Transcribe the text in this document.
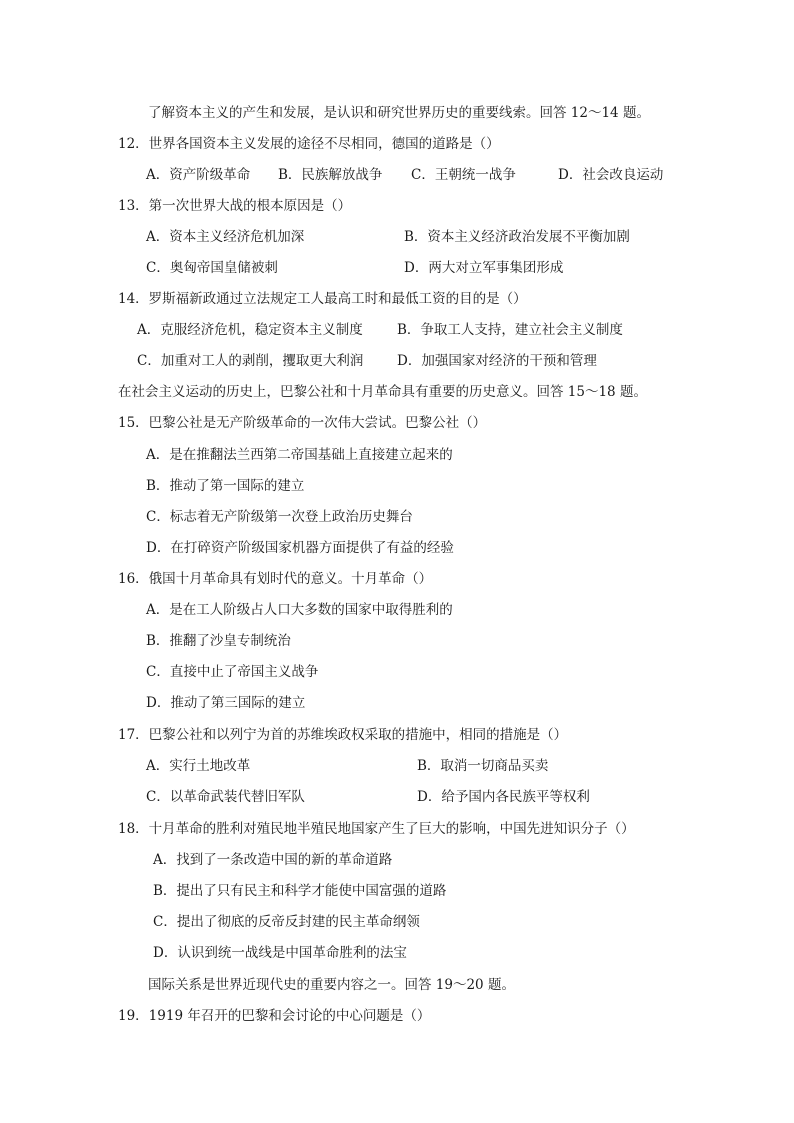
了解资本主义的产生和发展，是认识和研究世界历史的重要线索。回答 12～14 题。
12．世界各国资本主义发展的途径不尽相同，德国的道路是（）
A．资产阶级革命 B．民族解放战争 C．王朝统一战争	D．社会改良运动
13．第一次世界大战的根本原因是（）
A．资本主义经济危机加深	B．资本主义经济政治发展不平衡加剧
C．奥匈帝国皇储被刺	D．两大对立军事集团形成
14．罗斯福新政通过立法规定工人最高工时和最低工资的目的是（）
A．克服经济危机，稳定资本主义制度	B．争取工人支持，建立社会主义制度
C．加重对工人的剥削，攫取更大利润 D．加强国家对经济的干预和管理
在社会主义运动的历史上，巴黎公社和十月革命具有重要的历史意义。回答 15～18 题。
15．巴黎公社是无产阶级革命的一次伟大尝试。巴黎公社（）
A．是在推翻法兰西第二帝国基础上直接建立起来的
B．推动了第一国际的建立
C．标志着无产阶级第一次登上政治历史舞台
D．在打碎资产阶级国家机器方面提供了有益的经验
16．俄国十月革命具有划时代的意义。十月革命（）
A．是在工人阶级占人口大多数的国家中取得胜利的
B．推翻了沙皇专制统治
C．直接中止了帝国主义战争
D．推动了第三国际的建立
17．巴黎公社和以列宁为首的苏维埃政权采取的措施中，相同的措施是（）
A．实行土地改革	B．取消一切商品买卖
C．以革命武装代替旧军队	D．给予国内各民族平等权利
18．十月革命的胜利对殖民地半殖民地国家产生了巨大的影响，中国先进知识分子（）
A．找到了一条改造中国的新的革命道路
B．提出了只有民主和科学才能使中国富强的道路
C．提出了彻底的反帝反封建的民主革命纲领
D．认识到统一战线是中国革命胜利的法宝
国际关系是世界近现代史的重要内容之一。回答 19～20 题。
19．1919 年召开的巴黎和会讨论的中心问题是（）
